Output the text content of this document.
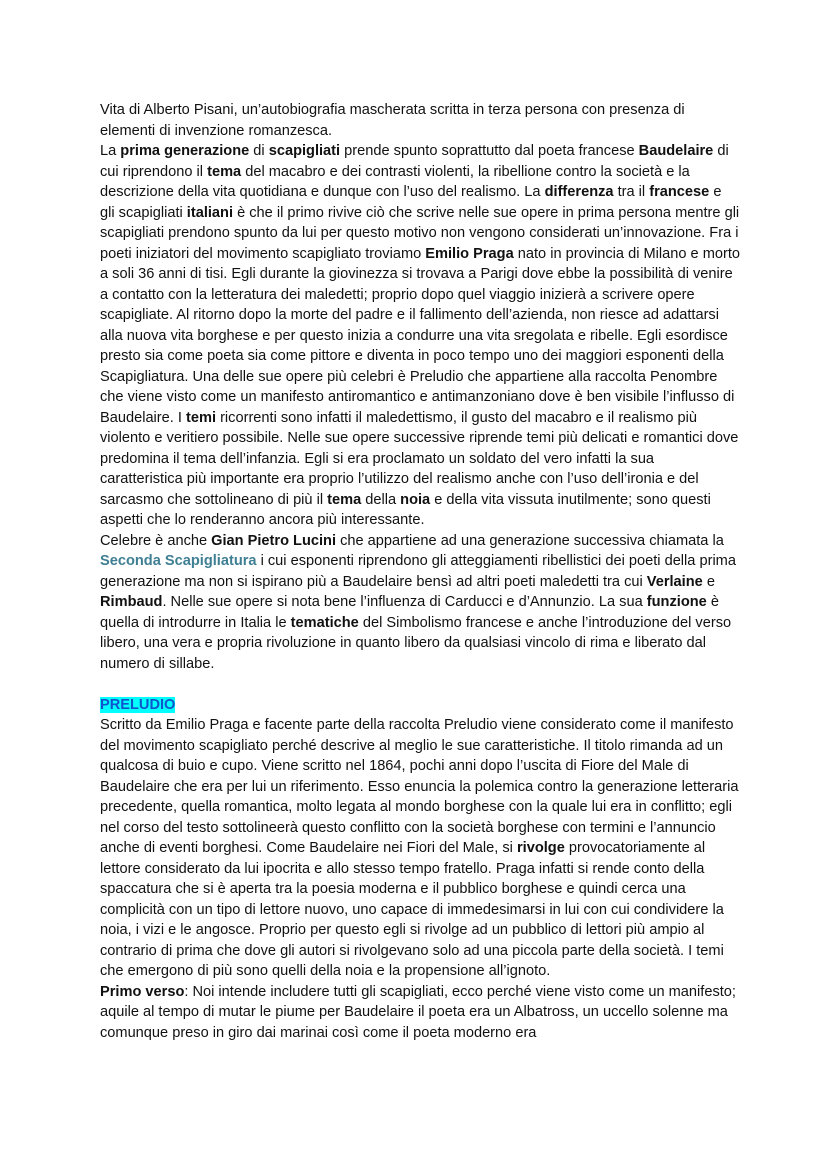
Vita di Alberto Pisani, un’autobiografia mascherata scritta in terza persona con presenza di elementi di invenzione romanzesca.

La prima generazione di scapigliati prende spunto soprattutto dal poeta francese Baudelaire di cui riprendono il tema del macabro e dei contrasti violenti, la ribellione contro la società e la descrizione della vita quotidiana e dunque con l’uso del realismo. La differenza tra il francese e gli scapigliati italiani è che il primo rivive ciò che scrive nelle sue opere in prima persona mentre gli scapigliati prendono spunto da lui per questo motivo non vengono considerati un’innovazione. Fra i poeti iniziatori del movimento scapigliato troviamo Emilio Praga nato in provincia di Milano e morto a soli 36 anni di tisi. Egli durante la giovinezza si trovava a Parigi dove ebbe la possibilità di venire a contatto con la letteratura dei maledetti; proprio dopo quel viaggio inizierà a scrivere opere scapigliate. Al ritorno dopo la morte del padre e il fallimento dell’azienda, non riesce ad adattarsi alla nuova vita borghese e per questo inizia a condurre una vita sregolata e ribelle. Egli esordisce presto sia come poeta sia come pittore e diventa in poco tempo uno dei maggiori esponenti della Scapigliatura. Una delle sue opere più celebri è Preludio che appartiene alla raccolta Penombre che viene visto come un manifesto antiromantico e antimanzoniano dove è ben visibile l’influsso di Baudelaire. I temi ricorrenti sono infatti il maledettismo, il gusto del macabro e il realismo più violento e veritiero possibile. Nelle sue opere successive riprende temi più delicati e romantici dove predomina il tema dell’infanzia. Egli si era proclamato un soldato del vero infatti la sua caratteristica più importante era proprio l’utilizzo del realismo anche con l’uso dell’ironia e del sarcasmo che sottolineano di più il tema della noia e della vita vissuta inutilmente; sono questi aspetti che lo renderanno ancora più interessante.

Celebre è anche Gian Pietro Lucini che appartiene ad una generazione successiva chiamata la Seconda Scapigliatura i cui esponenti riprendono gli atteggiamenti ribellistici dei poeti della prima generazione ma non si ispirano più a Baudelaire bensì ad altri poeti maledetti tra cui Verlaine e Rimbaud. Nelle sue opere si nota bene l’influenza di Carducci e d’Annunzio. La sua funzione è quella di introdurre in Italia le tematiche del Simbolismo francese e anche l’introduzione del verso libero, una vera e propria rivoluzione in quanto libero da qualsiasi vincolo di rima e liberato dal numero di sillabe.

PRELUDIO

Scritto da Emilio Praga e facente parte della raccolta Preludio viene considerato come il manifesto del movimento scapigliato perché descrive al meglio le sue caratteristiche. Il titolo rimanda ad un qualcosa di buio e cupo. Viene scritto nel 1864, pochi anni dopo l’uscita di Fiore del Male di Baudelaire che era per lui un riferimento. Esso enuncia la polemica contro la generazione letteraria precedente, quella romantica, molto legata al mondo borghese con la quale lui era in conflitto; egli nel corso del testo sottolineerà questo conflitto con la società borghese con termini e l’annuncio anche di eventi borghesi. Come Baudelaire nei Fiori del Male, si rivolge provocatoriamente al lettore considerato da lui ipocrita e allo stesso tempo fratello. Praga infatti si rende conto della spaccatura che si è aperta tra la poesia moderna e il pubblico borghese e quindi cerca una complicità con un tipo di lettore nuovo, uno capace di immedesimarsi in lui con cui condividere la noia, i vizi e le angosce. Proprio per questo egli si rivolge ad un pubblico di lettori più ampio al contrario di prima che dove gli autori si rivolgevano solo ad una piccola parte della società. I temi che emergono di più sono quelli della noia e la propensione all’ignoto.

Primo verso: Noi intende includere tutti gli scapigliati, ecco perché viene visto come un manifesto; aquile al tempo di mutar le piume per Baudelaire il poeta era un Albatross, un uccello solenne ma comunque preso in giro dai marinai così come il poeta moderno era
